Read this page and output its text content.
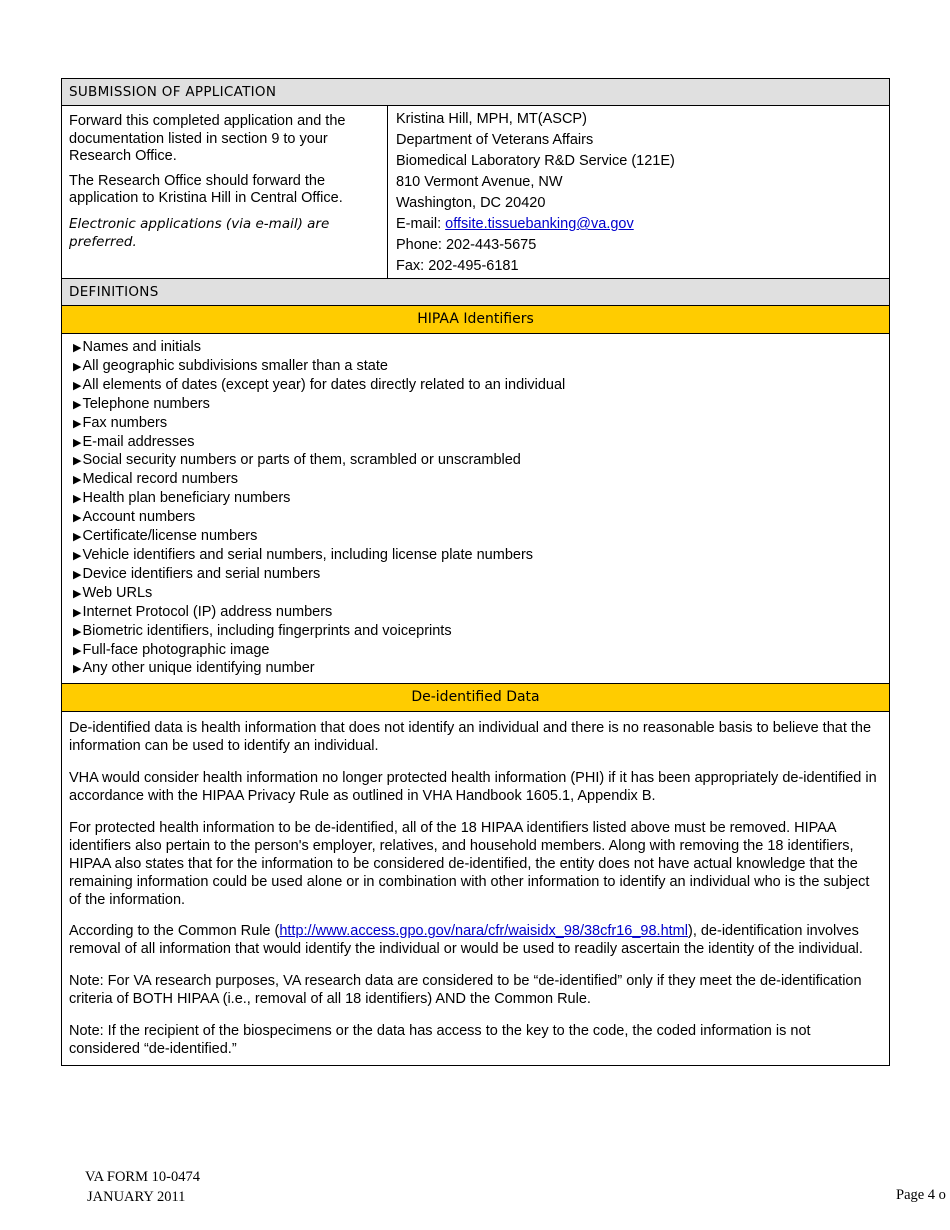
SUBMISSION OF APPLICATION

Forward this completed application and the documentation listed in section 9 to your Research Office.

The Research Office should forward the application to Kristina Hill in Central Office.

Electronic applications (via e-mail) are preferred.

Kristina Hill, MPH, MT(ASCP)
Department of Veterans Affairs
Biomedical Laboratory R&D Service (121E)
810 Vermont Avenue, NW
Washington, DC 20420
E-mail: offsite.tissuebanking@va.gov
Phone: 202-443-5675
Fax: 202-495-6181
DEFINITIONS
HIPAA Identifiers
▶Names and initials
▶All geographic subdivisions smaller than a state
▶All elements of dates (except year) for dates directly related to an individual
▶Telephone numbers
▶Fax numbers
▶E-mail addresses
▶Social security numbers or parts of them, scrambled or unscrambled
▶Medical record numbers
▶Health plan beneficiary numbers
▶Account numbers
▶Certificate/license numbers
▶Vehicle identifiers and serial numbers, including license plate numbers
▶Device identifiers and serial numbers
▶Web URLs
▶Internet Protocol (IP) address numbers
▶Biometric identifiers, including fingerprints and voiceprints
▶Full-face photographic image
▶Any other unique identifying number
De-identified Data

De-identified data is health information that does not identify an individual and there is no reasonable basis to believe that the information can be used to identify an individual.

VHA would consider health information no longer protected health information (PHI) if it has been appropriately de-identified in accordance with the HIPAA Privacy Rule as outlined in VHA Handbook 1605.1, Appendix B.

For protected health information to be de-identified, all of the 18 HIPAA identifiers listed above must be removed. HIPAA identifiers also pertain to the person's employer, relatives, and household members. Along with removing the 18 identifiers, HIPAA also states that for the information to be considered de-identified, the entity does not have actual knowledge that the remaining information could be used alone or in combination with other information to identify an individual who is the subject of the information.

According to the Common Rule (http://www.access.gpo.gov/nara/cfr/waisidx_98/38cfr16_98.html), de-identification involves removal of all information that would identify the individual or would be used to readily ascertain the identity of the individual.

Note: For VA research purposes, VA research data are considered to be “de-identified” only if they meet the de-identification criteria of BOTH HIPAA (i.e., removal of all 18 identifiers) AND the Common Rule.

Note: If the recipient of the biospecimens or the data has access to the key to the code, the coded information is not considered “de-identified.”

VA FORM 10-0474
JANUARY 2011	Page 4 o
